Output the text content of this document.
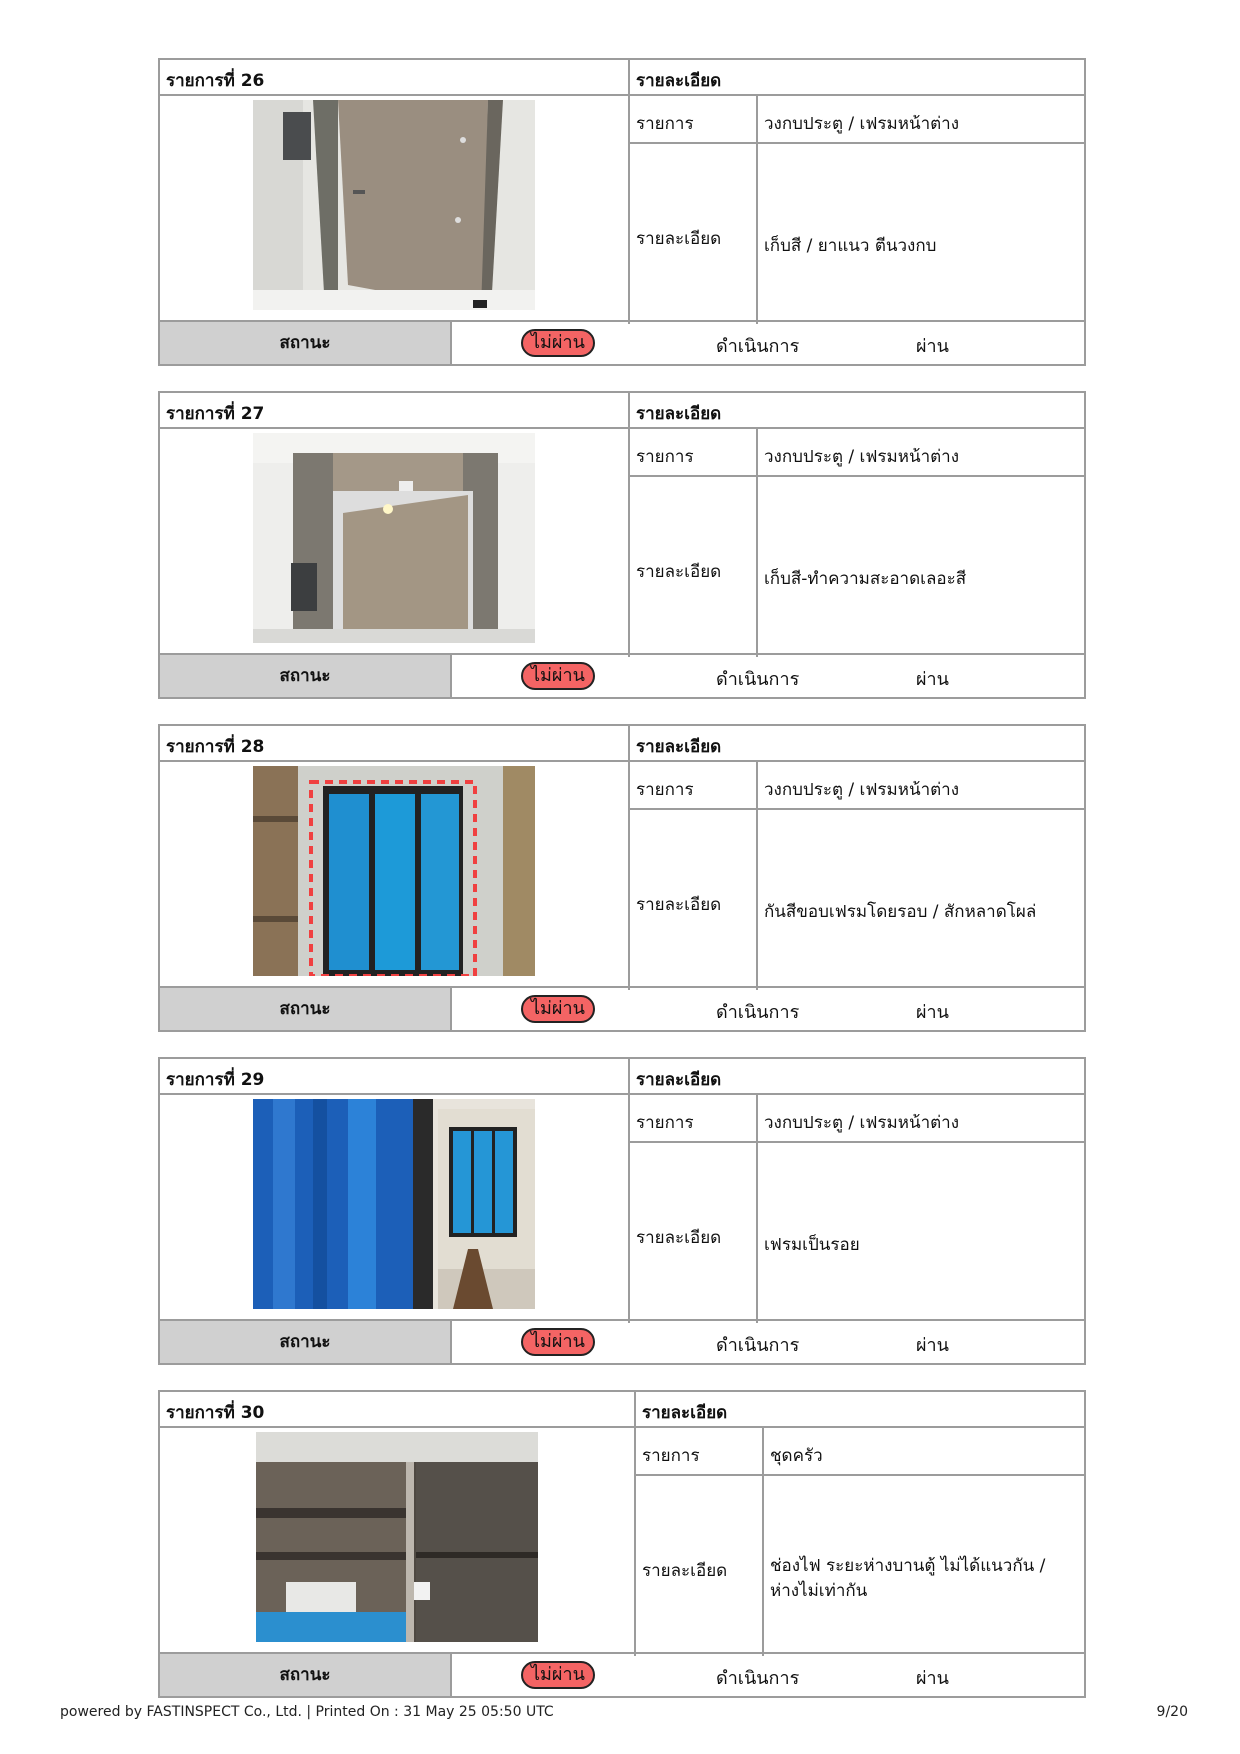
รายการที่ 26	รายละเอียด
รายการ	วงกบประตู / เฟรมหน้าต่าง
รายละเอียด	เก็บสี / ยาแนว ตีนวงกบ
สถานะ	ไม่ผ่าน	ดำเนินการ	ผ่าน
รายการที่ 27	รายละเอียด
รายการ	วงกบประตู / เฟรมหน้าต่าง
รายละเอียด	เก็บสี-ทำความสะอาดเลอะสี
สถานะ	ไม่ผ่าน	ดำเนินการ	ผ่าน
รายการที่ 28	รายละเอียด
รายการ	วงกบประตู / เฟรมหน้าต่าง
รายละเอียด	กันสีขอบเฟรมโดยรอบ / สักหลาดโผล่
สถานะ	ไม่ผ่าน	ดำเนินการ	ผ่าน
รายการที่ 29	รายละเอียด
รายการ	วงกบประตู / เฟรมหน้าต่าง
รายละเอียด	เฟรมเป็นรอย
สถานะ	ไม่ผ่าน	ดำเนินการ	ผ่าน
รายการที่ 30	รายละเอียด
รายการ	ชุดครัว
รายละเอียด	ช่องไฟ ระยะห่างบานตู้ ไม่ได้แนวกัน / ห่างไม่เท่ากัน
สถานะ	ไม่ผ่าน	ดำเนินการ	ผ่าน
powered by FASTINSPECT Co., Ltd. | Printed On : 31 May 25 05:50 UTC	9/20
